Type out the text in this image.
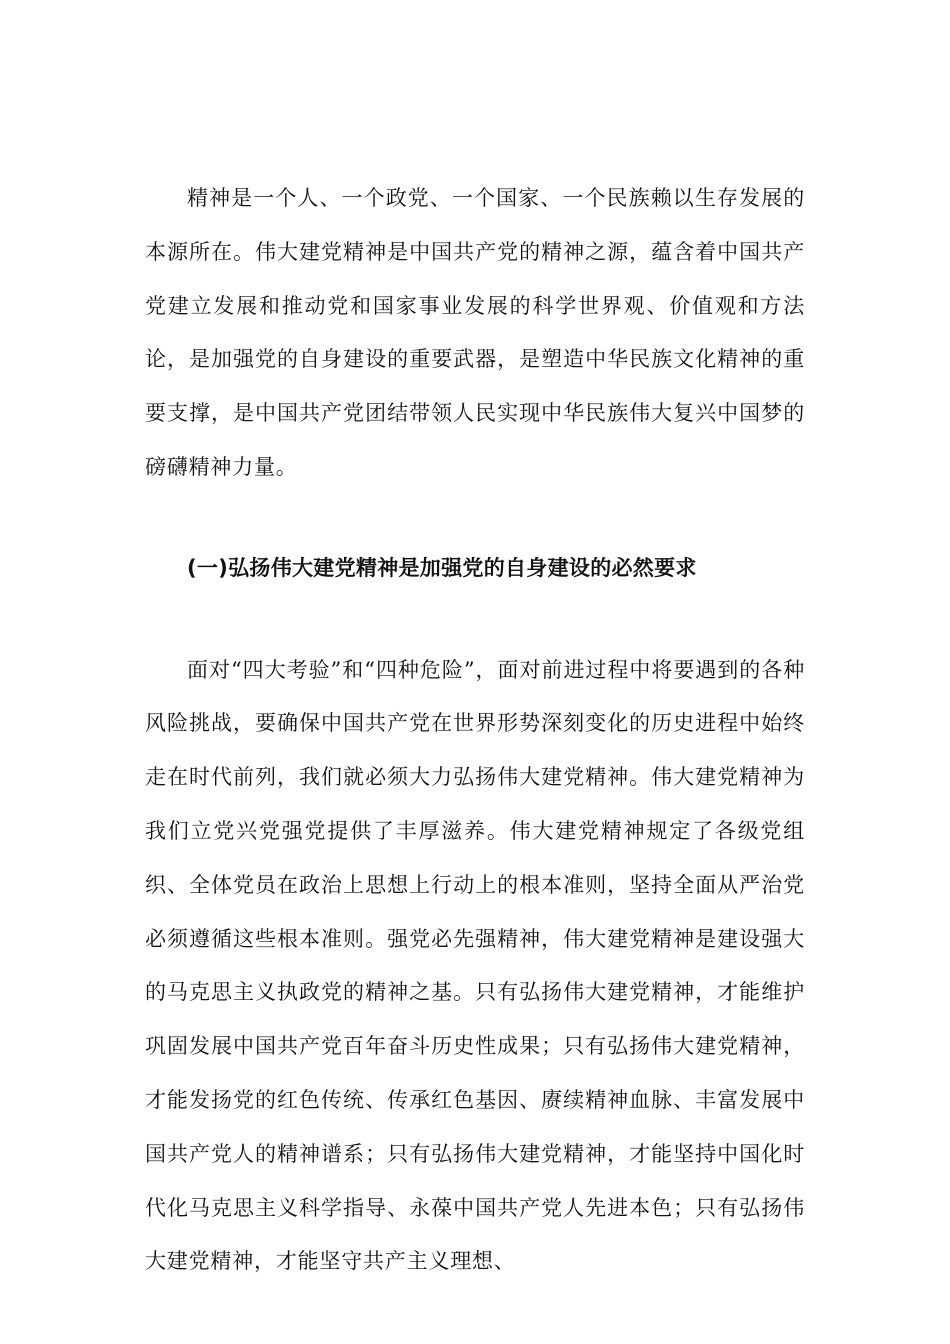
精神是一个人、一个政党、一个国家、一个民族赖以生存发展的本源所在。伟大建党精神是中国共产党的精神之源，蕴含着中国共产党建立发展和推动党和国家事业发展的科学世界观、价值观和方法论，是加强党的自身建设的重要武器，是塑造中华民族文化精神的重要支撑，是中国共产党团结带领人民实现中华民族伟大复兴中国梦的磅礴精神力量。

(一)弘扬伟大建党精神是加强党的自身建设的必然要求

面对“四大考验”和“四种危险”，面对前进过程中将要遇到的各种风险挑战，要确保中国共产党在世界形势深刻变化的历史进程中始终走在时代前列，我们就必须大力弘扬伟大建党精神。伟大建党精神为我们立党兴党强党提供了丰厚滋养。伟大建党精神规定了各级党组织、全体党员在政治上思想上行动上的根本准则，坚持全面从严治党必须遵循这些根本准则。强党必先强精神，伟大建党精神是建设强大的马克思主义执政党的精神之基。只有弘扬伟大建党精神，才能维护巩固发展中国共产党百年奋斗历史性成果；只有弘扬伟大建党精神，才能发扬党的红色传统、传承红色基因、赓续精神血脉、丰富发展中国共产党人的精神谱系；只有弘扬伟大建党精神，才能坚持中国化时代化马克思主义科学指导、永葆中国共产党人先进本色；只有弘扬伟大建党精神，才能坚守共产主义理想、
